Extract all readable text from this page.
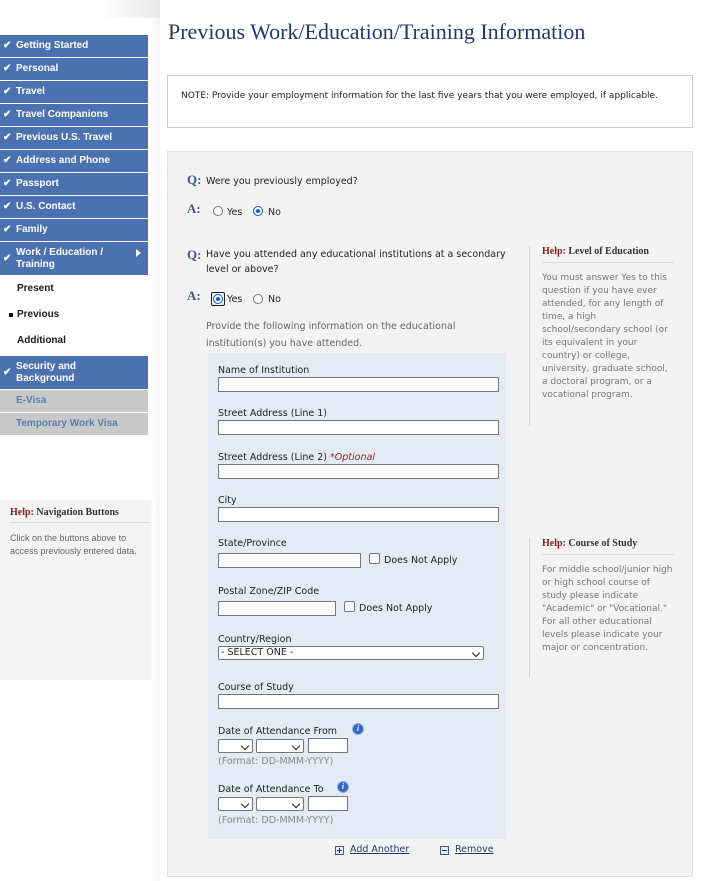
✔ Getting Started
✔ Personal
✔ Travel
✔ Travel Companions
✔ Previous U.S. Travel
✔ Address and Phone
✔ Passport
✔ U.S. Contact
✔ Family
✔ Work / Education / Training
Present
Previous
Additional
✔ Security and Background
E-Visa
Temporary Work Visa
Help: Navigation Buttons
Click on the buttons above to access previously entered data.
Previous Work/Education/Training Information
NOTE: Provide your employment information for the last five years that you were employed, if applicable.
Q: Were you previously employed?
A:	Yes	No
Q: Have you attended any educational institutions at a secondary level or above?
A:	Yes	No
Provide the following information on the educational institution(s) you have attended.
Name of Institution
Street Address (Line 1)
Street Address (Line 2) *Optional
City
State/Province
Does Not Apply
Postal Zone/ZIP Code
Does Not Apply
Country/Region
- SELECT ONE -
Course of Study
Date of Attendance From	i
(Format: DD-MMM-YYYY)
Date of Attendance To	i
(Format: DD-MMM-YYYY)
Add Another	Remove
Help: Level of Education
You must answer Yes to this question if you have ever attended, for any length of time, a high school/secondary school (or its equivalent in your country) or college, university, graduate school, a doctoral program, or a vocational program.
Help: Course of Study
For middle school/junior high or high school course of study please indicate "Academic" or "Vocational." For all other educational levels please indicate your major or concentration.
